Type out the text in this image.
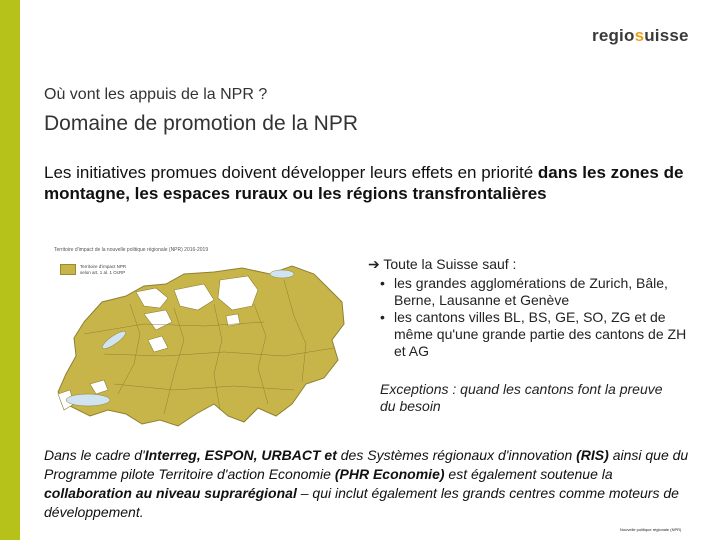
regiosuisse
Où vont les appuis de la NPR ?
Domaine de promotion de la NPR
Les initiatives promues doivent développer leurs effets en priorité dans les zones de montagne, les espaces ruraux ou les régions transfrontalières
Territoire d'impact de la nouvelle politique régionale (NPR) 2016-2019
Territoire d'impact NPR selon art. 1 al. 1 OcRP
➔ Toute la Suisse sauf :
• les grandes agglomérations de Zurich, Bâle, Berne, Lausanne et Genève
• les cantons villes BL, BS, GE, SO, ZG et de même qu'une grande partie des cantons de ZH et AG
Exceptions : quand les cantons font la preuve du besoin
Dans le cadre d'Interreg, ESPON, URBACT et des Systèmes régionaux d'innovation (RIS) ainsi que du Programme pilote Territoire d'action Economie (PHR Economie) est également soutenue la collaboration au niveau suprarégional – qui inclut également les grands centres comme moteurs de développement.
Nouvelle politique régionale (NPR)
